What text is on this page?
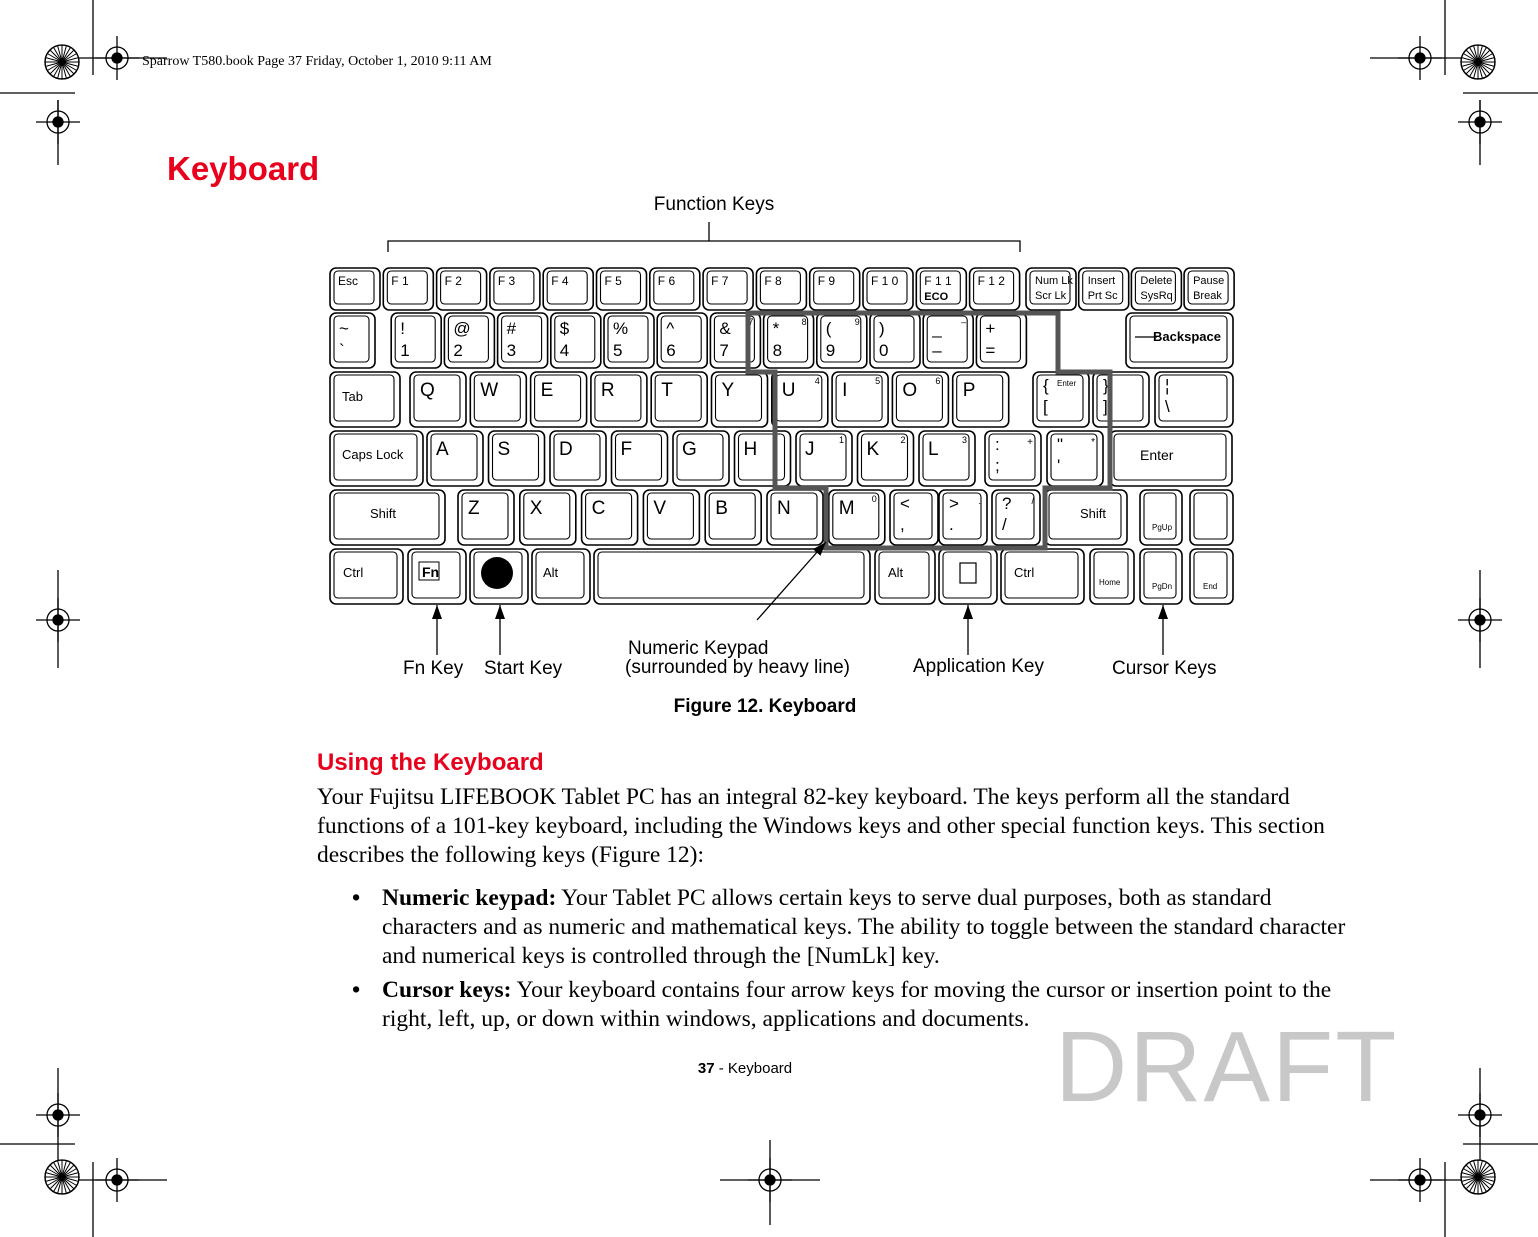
Sparrow T580.book Page 37 Friday, October 1, 2010 9:11 AM
Keyboard
Function Keys
Esc	F 1	F 2	F 3	F 4	F 5	F 6	F 7	F 8	F 9	F 1 0 F 1 1 F 1 2
ECO
Num Lk
Scr Lk
Insert
Prt Sc
Delete
SysRq
Pause
Break
~
`
!
1
@
2
#
3
$
4
%
5
^
6
&
7
7 *
8
8 (
9
9 )
0
_
–
– +
=
Backspace
Tab	Q W E	R T	Y	U 4 I	5 O 6 P	{
[
Enter }
]
¦
\
Caps Lock A	S	D	F	G H	J	1 K 2 L	3 :
;
+ "
'
*
Enter
Shift	Z	X	C	V	B	N	M 0 <
,
>
.
. ?
/
/
Shift
PgUp
Ctrl	Fn	Alt	Alt	Ctrl
Home	PgDn	End
Fn Key Start Key
Numeric Keypad
(surrounded by heavy line)	Application Key	Cursor Keys
Figure 12. Keyboard
Using the Keyboard
Your Fujitsu LIFEBOOK Tablet PC has an integral 82-key keyboard. The keys perform all the standard functions of a 101-key keyboard, including the Windows keys and other special function keys. This section describes the following keys (Figure 12):
• Numeric keypad: Your Tablet PC allows certain keys to serve dual purposes, both as standard characters and as numeric and mathematical keys. The ability to toggle between the standard character and numerical keys is controlled through the [NumLk] key.
• Cursor keys: Your keyboard contains four arrow keys for moving the cursor or insertion point to the right, left, up, or down within windows, applications and documents.
37 - Keyboard	DRAFT
